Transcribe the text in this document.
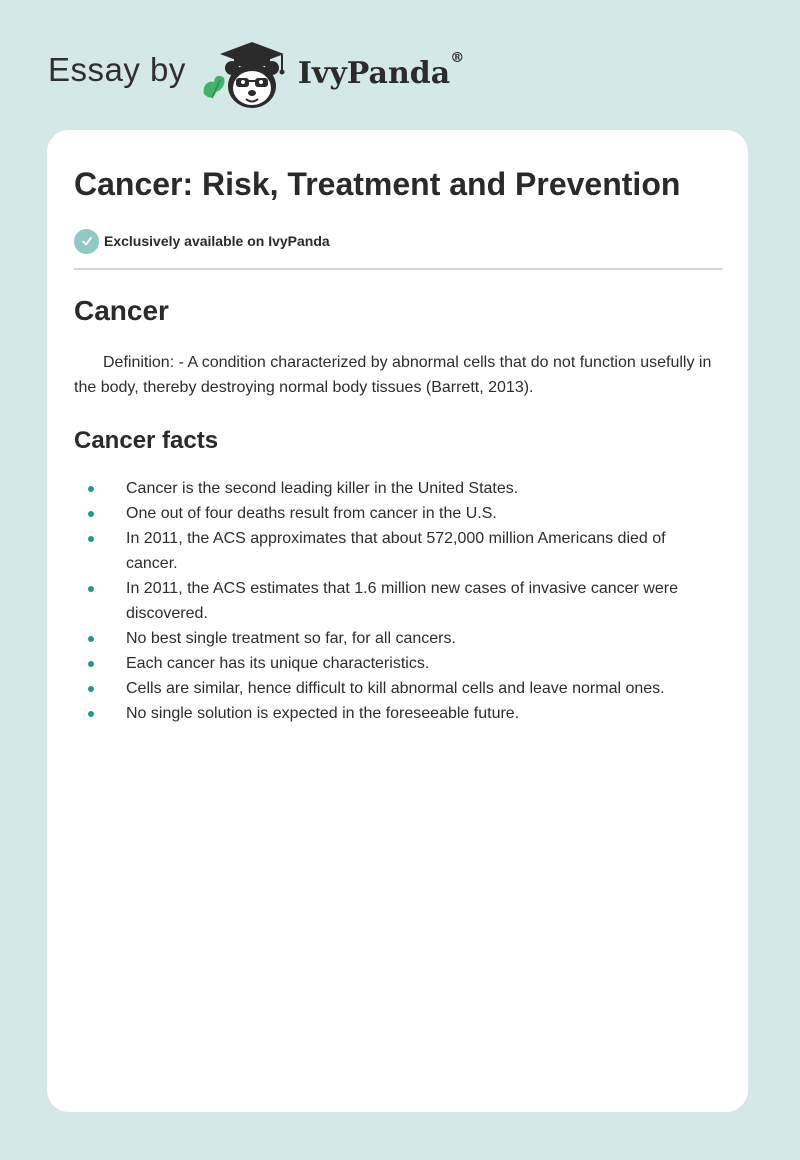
Essay by	IvyPanda®
Cancer: Risk, Treatment and Prevention
Exclusively available on IvyPanda
Cancer

Definition: - A condition characterized by abnormal cells that do not function usefully in the body, thereby destroying normal body tissues (Barrett, 2013).

Cancer facts
Cancer is the second leading killer in the United States.
One out of four deaths result from cancer in the U.S.
In 2011, the ACS approximates that about 572,000 million Americans died of cancer.
In 2011, the ACS estimates that 1.6 million new cases of invasive cancer were discovered.
No best single treatment so far, for all cancers.
Each cancer has its unique characteristics.
Cells are similar, hence difficult to kill abnormal cells and leave normal ones.
No single solution is expected in the foreseeable future.
